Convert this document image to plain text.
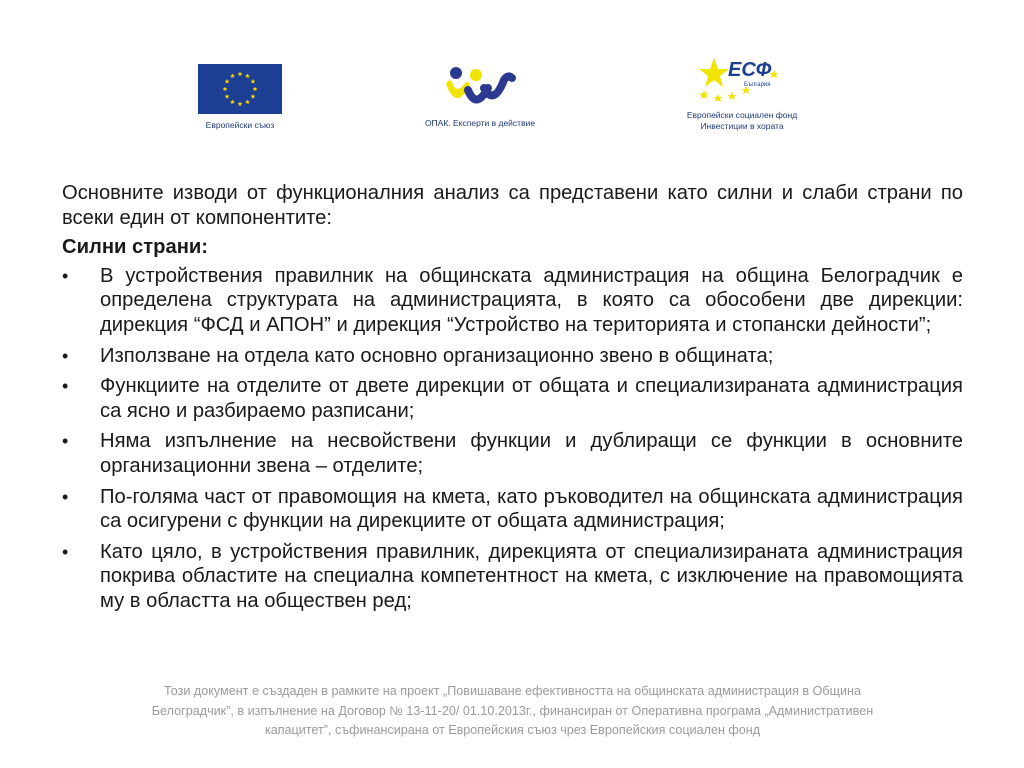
Европейски съюз	ОПАК. Експерти в действие
ЕСФ
България
Европейски социален фонд
Инвестиции в хората

Основните изводи от функционалния анализ са представени като силни и слаби страни по всеки един от компонентите:

Силни страни:

• В устройствения правилник на общинската администрация на община Белоградчик е определена структурата на администрацията, в която са обособени две дирекции: дирекция “ФСД и АПОН” и дирекция “Устройство на територията и стопански дейности”;
• Използване на отдела като основно организационно звено в общината;
• Функциите на отделите от двете дирекции от общата и специализираната администрация са ясно и разбираемо разписани;
• Няма изпълнение на несвойствени функции и дублиращи се функции в основните организационни звена – отделите;
• По-голяма част от правомощия на кмета, като ръководител на общинската администрация са осигурени с функции на дирекциите от общата администрация;
• Като цяло, в устройствения правилник, дирекцията от специализираната администрация покрива областите на специална компетентност на кмета, с изключение на правомощията му в областта на обществен ред;
Този документ е създаден в рамките на проект „Повишаване ефективността на общинската администрация в Община
Белоградчик”, в изпълнение на Договор № 13-11-20/ 01.10.2013г., финансиран от Оперативна програма „Административен
капацитет”, съфинансирана от Европейския съюз чрез Европейския социален фонд
